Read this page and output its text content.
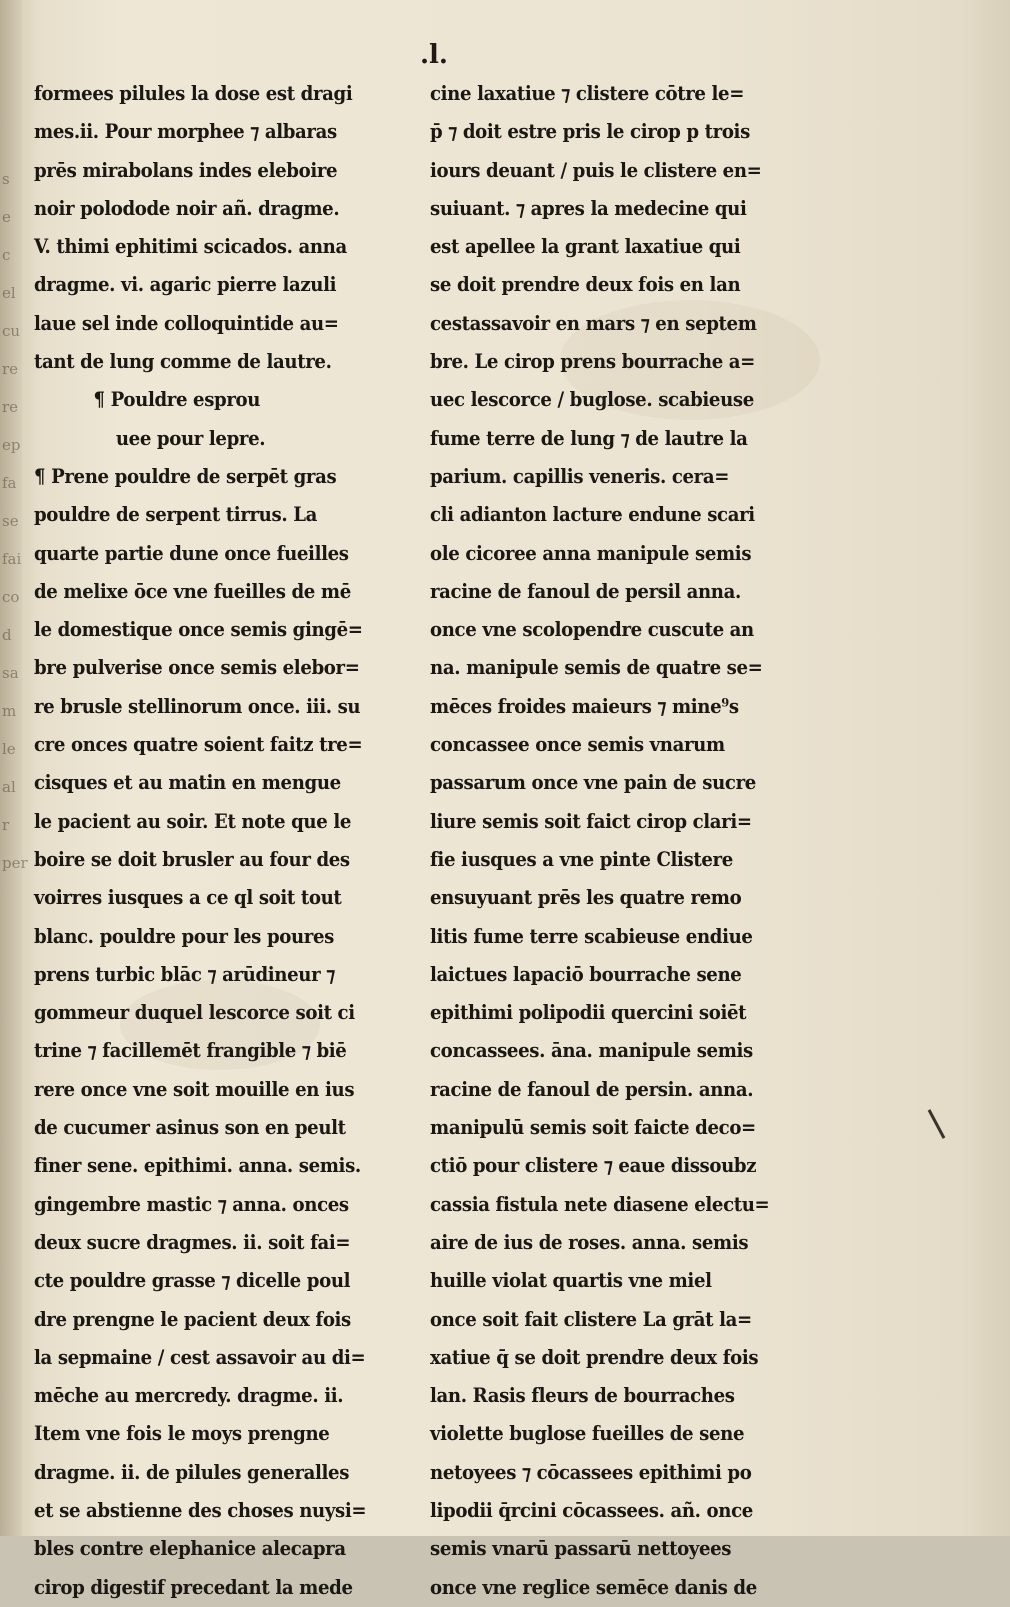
s
e
c
el
cu
re
re
ep
fa
se
fai
co
d
sa
m
le
al
r
per
.l.
formees pilules la dose est dragi
mes.ii. Pour morphee ⁊ albaras
prēs mirabolans indes eleboire
noir polodode noir añ. dragme.
V. thimi ephitimi scicados. anna
dragme. vi. agaric pierre lazuli
laue sel inde colloquintide au=
tant de lung comme de lautre.
¶ Pouldre esprou
uee pour lepre.
¶ Prene pouldre de serpēt gras
pouldre de serpent tirrus. La
quarte partie dune once fueilles
de melixe ōce vne fueilles de mē
le domestique once semis gingē=
bre pulverise once semis elebor=
re brusle stellinorum once. iii. su
cre onces quatre soient faitz tre=
cisques et au matin en mengue
le pacient au soir. Et note que le
boire se doit brusler au four des
voirres iusques a ce ql soit tout
blanc. pouldre pour les poures
prens turbic blāc ⁊ arūdineur ⁊
gommeur duquel lescorce soit ci
trine ⁊ facillemēt frangible ⁊ biē
rere once vne soit mouille en ius
de cucumer asinus son en peult
finer sene. epithimi. anna. semis.
gingembre mastic ⁊ anna. onces
deux sucre dragmes. ii. soit fai=
cte pouldre grasse ⁊ dicelle poul
dre prengne le pacient deux fois
la sepmaine / cest assavoir au di=
mēche au mercredy. dragme. ii.
Item vne fois le moys prengne
dragme. ii. de pilules generalles
et se abstienne des choses nuysi=
bles contre elephanice alecapra
cirop digestif precedant la mede
cine laxatiue ⁊ clistere cōtre le=
p̄ ⁊ doit estre pris le cirop p trois
iours deuant / puis le clistere en=
suiuant. ⁊ apres la medecine qui
est apellee la grant laxatiue qui
se doit prendre deux fois en lan
cestassavoir en mars ⁊ en septem
bre. Le cirop prens bourrache a=
uec lescorce / buglose. scabieuse
fume terre de lung ⁊ de lautre la
parium. capillis veneris. cera=
cli adianton lacture endune scari
ole cicoree anna manipule semis
racine de fanoul de persil anna.
once vne scolopendre cuscute an
na. manipule semis de quatre se=
mēces froides maieurs ⁊ mine⁹s
concassee once semis vnarum
passarum once vne pain de sucre
liure semis soit faict cirop clari=
fie iusques a vne pinte Clistere
ensuyuant prēs les quatre remo
litis fume terre scabieuse endiue
laictues lapaciō bourrache sene
epithimi polipodii quercini soiēt
concassees. āna. manipule semis
racine de fanoul de persin. anna.
manipulū semis soit faicte deco=
ctiō pour clistere ⁊ eaue dissoubz
cassia fistula nete diasene electu=
aire de ius de roses. anna. semis
huille violat quartis vne miel
once soit fait clistere La grāt la=
xatiue q̄ se doit prendre deux fois
lan. Rasis fleurs de bourraches
violette buglose fueilles de sene
netoyees ⁊ cōcassees epithimi po
lipodii q̄rcini cōcassees. añ. once
semis vnarū passarū nettoyees
once vne reglice semēce danis de
